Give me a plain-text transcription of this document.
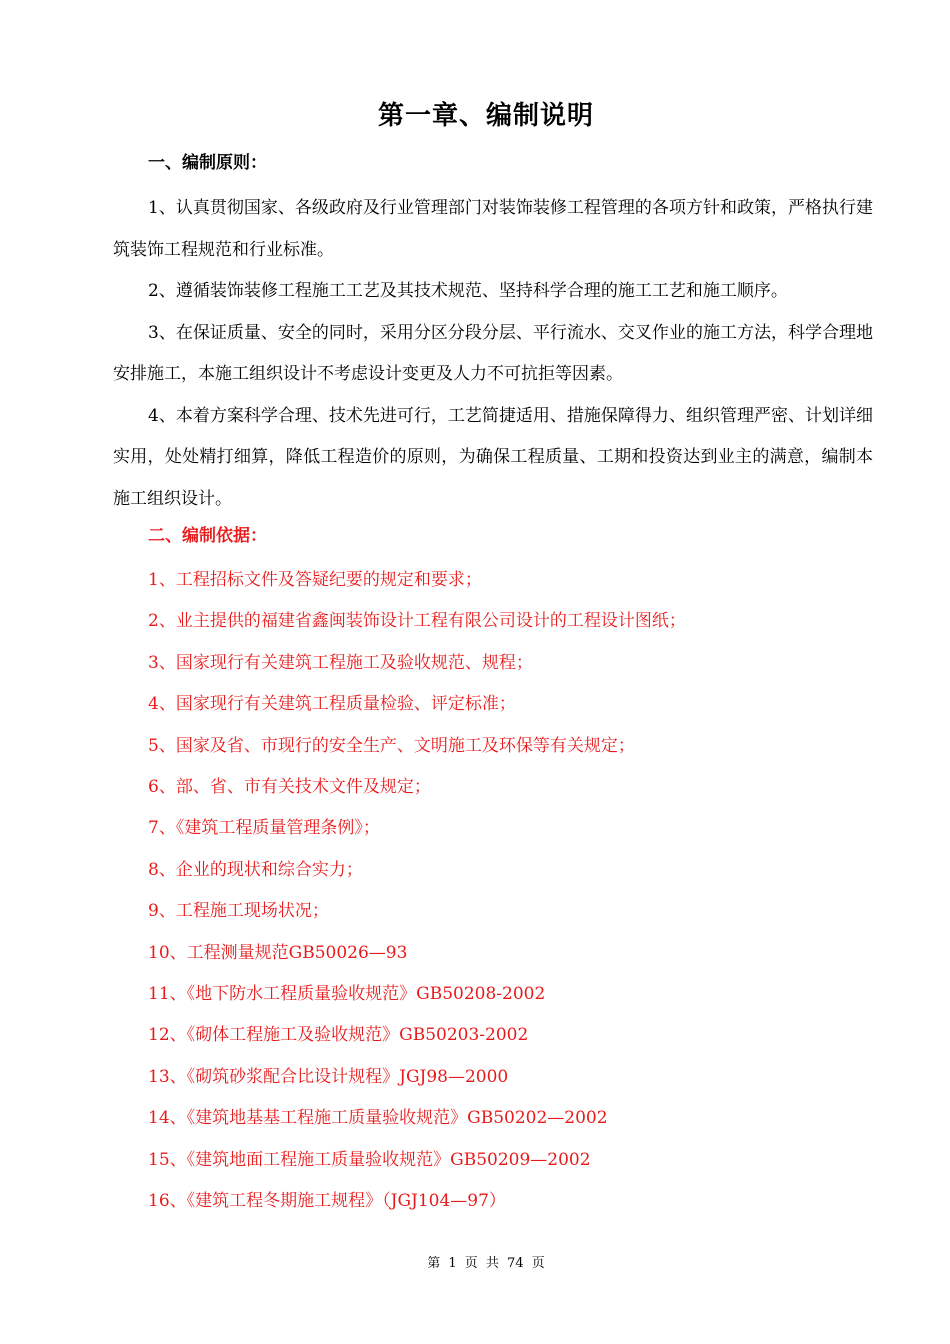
第一章、编制说明
一、编制原则：

1、认真贯彻国家、各级政府及行业管理部门对装饰装修工程管理的各项方针和政策，严格执行建筑装饰工程规范和行业标准。

2、遵循装饰装修工程施工工艺及其技术规范、坚持科学合理的施工工艺和施工顺序。

3、在保证质量、安全的同时，采用分区分段分层、平行流水、交叉作业的施工方法，科学合理地安排施工，本施工组织设计不考虑设计变更及人力不可抗拒等因素。

4、本着方案科学合理、技术先进可行，工艺简捷适用、措施保障得力、组织管理严密、计划详细实用，处处精打细算，降低工程造价的原则，为确保工程质量、工期和投资达到业主的满意，编制本施工组织设计。

二、编制依据：
1、工程招标文件及答疑纪要的规定和要求；
2、业主提供的福建省鑫闽装饰设计工程有限公司设计的工程设计图纸；
3、国家现行有关建筑工程施工及验收规范、规程；
4、国家现行有关建筑工程质量检验、评定标准；
5、国家及省、市现行的安全生产、文明施工及环保等有关规定；
6、部、省、市有关技术文件及规定；
7、《建筑工程质量管理条例》；
8、企业的现状和综合实力；
9、工程施工现场状况；
10、工程测量规范GB50026—93
11、《地下防水工程质量验收规范》GB50208-2002
12、《砌体工程施工及验收规范》GB50203-2002
13、《砌筑砂浆配合比设计规程》JGJ98—2000
14、《建筑地基基工程施工质量验收规范》GB50202—2002
15、《建筑地面工程施工质量验收规范》GB50209—2002
16、《建筑工程冬期施工规程》（JGJ104—97）
第 1 页 共 74 页
